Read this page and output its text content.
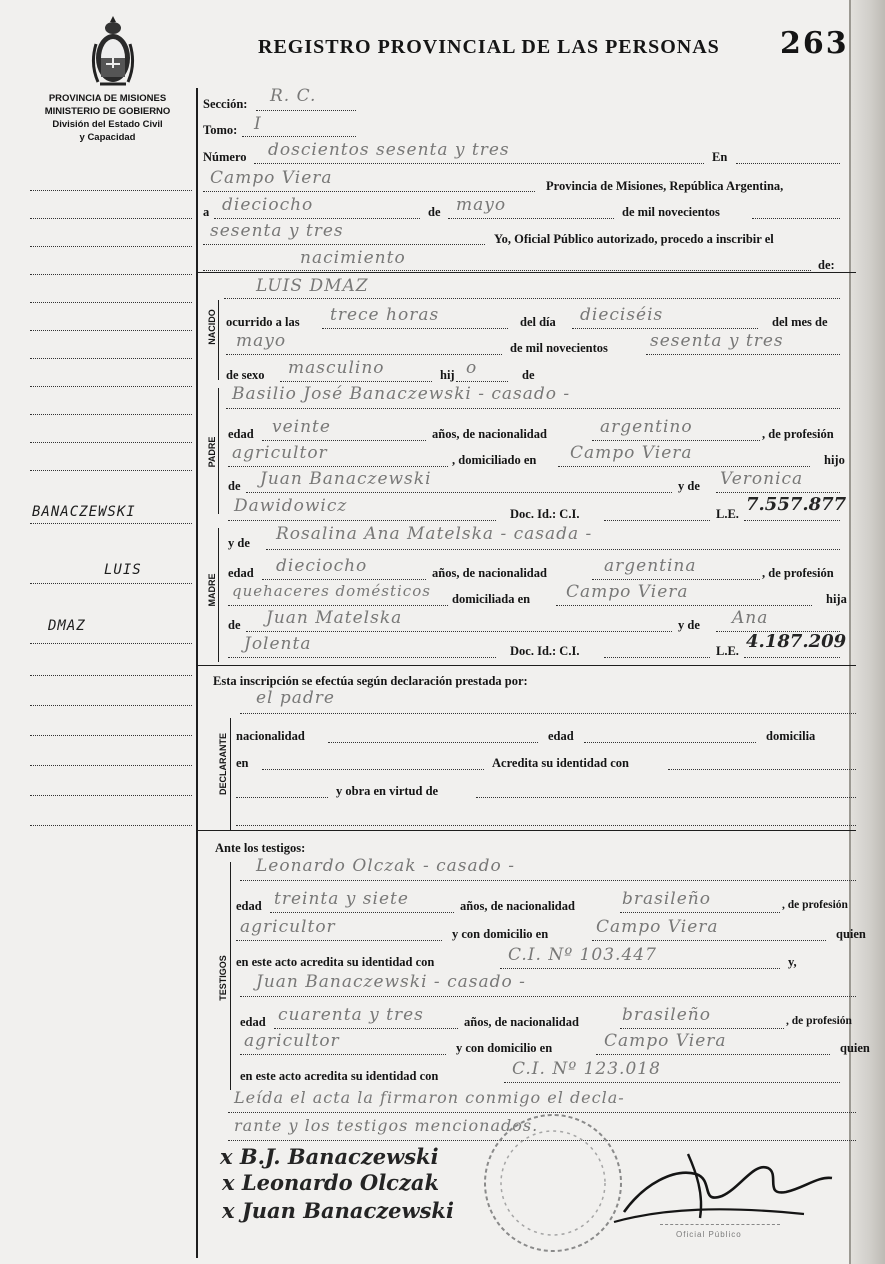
REGISTRO PROVINCIAL DE LAS PERSONAS 263
PROVINCIA DE MISIONES
MINISTERIO DE GOBIERNO
División del Estado Civil
y Capacidad
BANACZEWSKI
LUIS
DMAZ
NACIDO
PADRE
MADRE
DECLARANTE
TESTIGOS
Sección: R. C.
Tomo: I
Número doscientos sesenta y tres	En
Campo Viera	Provincia de Misiones, República Argentina,
a dieciocho	de mayo	de mil novecientos
sesenta y tres	Yo, Oficial Público autorizado, procedo a inscribir el
nacimiento	de:
LUIS DMAZ
ocurrido a las trece horas	del día dieciséis	del mes de
mayo	de mil novecientos sesenta y tres
de sexo masculino	hij o	de
Basilio José Banaczewski - casado -
edad veinte	años, de nacionalidad	argentino	, de profesión
agricultor	, domiciliado en Campo Viera	hijo
de Juan Banaczewski	y de Veronica
Dawidowicz	Doc. Id.: C.I.	L.E. 7.557.877
y de Rosalina Ana Matelska - casada -
edad dieciocho	años, de nacionalidad	argentina	, de profesión
quehaceres domésticos domiciliada en Campo Viera	hija
de Juan Matelska	y de Ana
Jolenta	Doc. Id.: C.I.	L.E. 4.187.209
Esta inscripción se efectúa según declaración prestada por:
el padre
nacionalidad	edad	domicilia
en	Acredita su identidad con
y obra en virtud de
Ante los testigos:
Leonardo Olczak - casado -
edad treinta y siete	años, de nacionalidad	brasileño	, de profesión
agricultor	y con domicilio en	Campo Viera	quien
en este acto acredita su identidad con	C.I. Nº 103.447	y,
Juan Banaczewski - casado -
edad cuarenta y tres	años, de nacionalidad	brasileño	, de profesión
agricultor	y con domicilio en	Campo Viera	quien
en este acto acredita su identidad con	C.I. Nº 123.018
Leída el acta la firmaron conmigo el decla-
rante y los testigos mencionados.
x B.J. Banaczewski
x Leonardo Olczak
x Juan Banaczewski
Oficial Público
